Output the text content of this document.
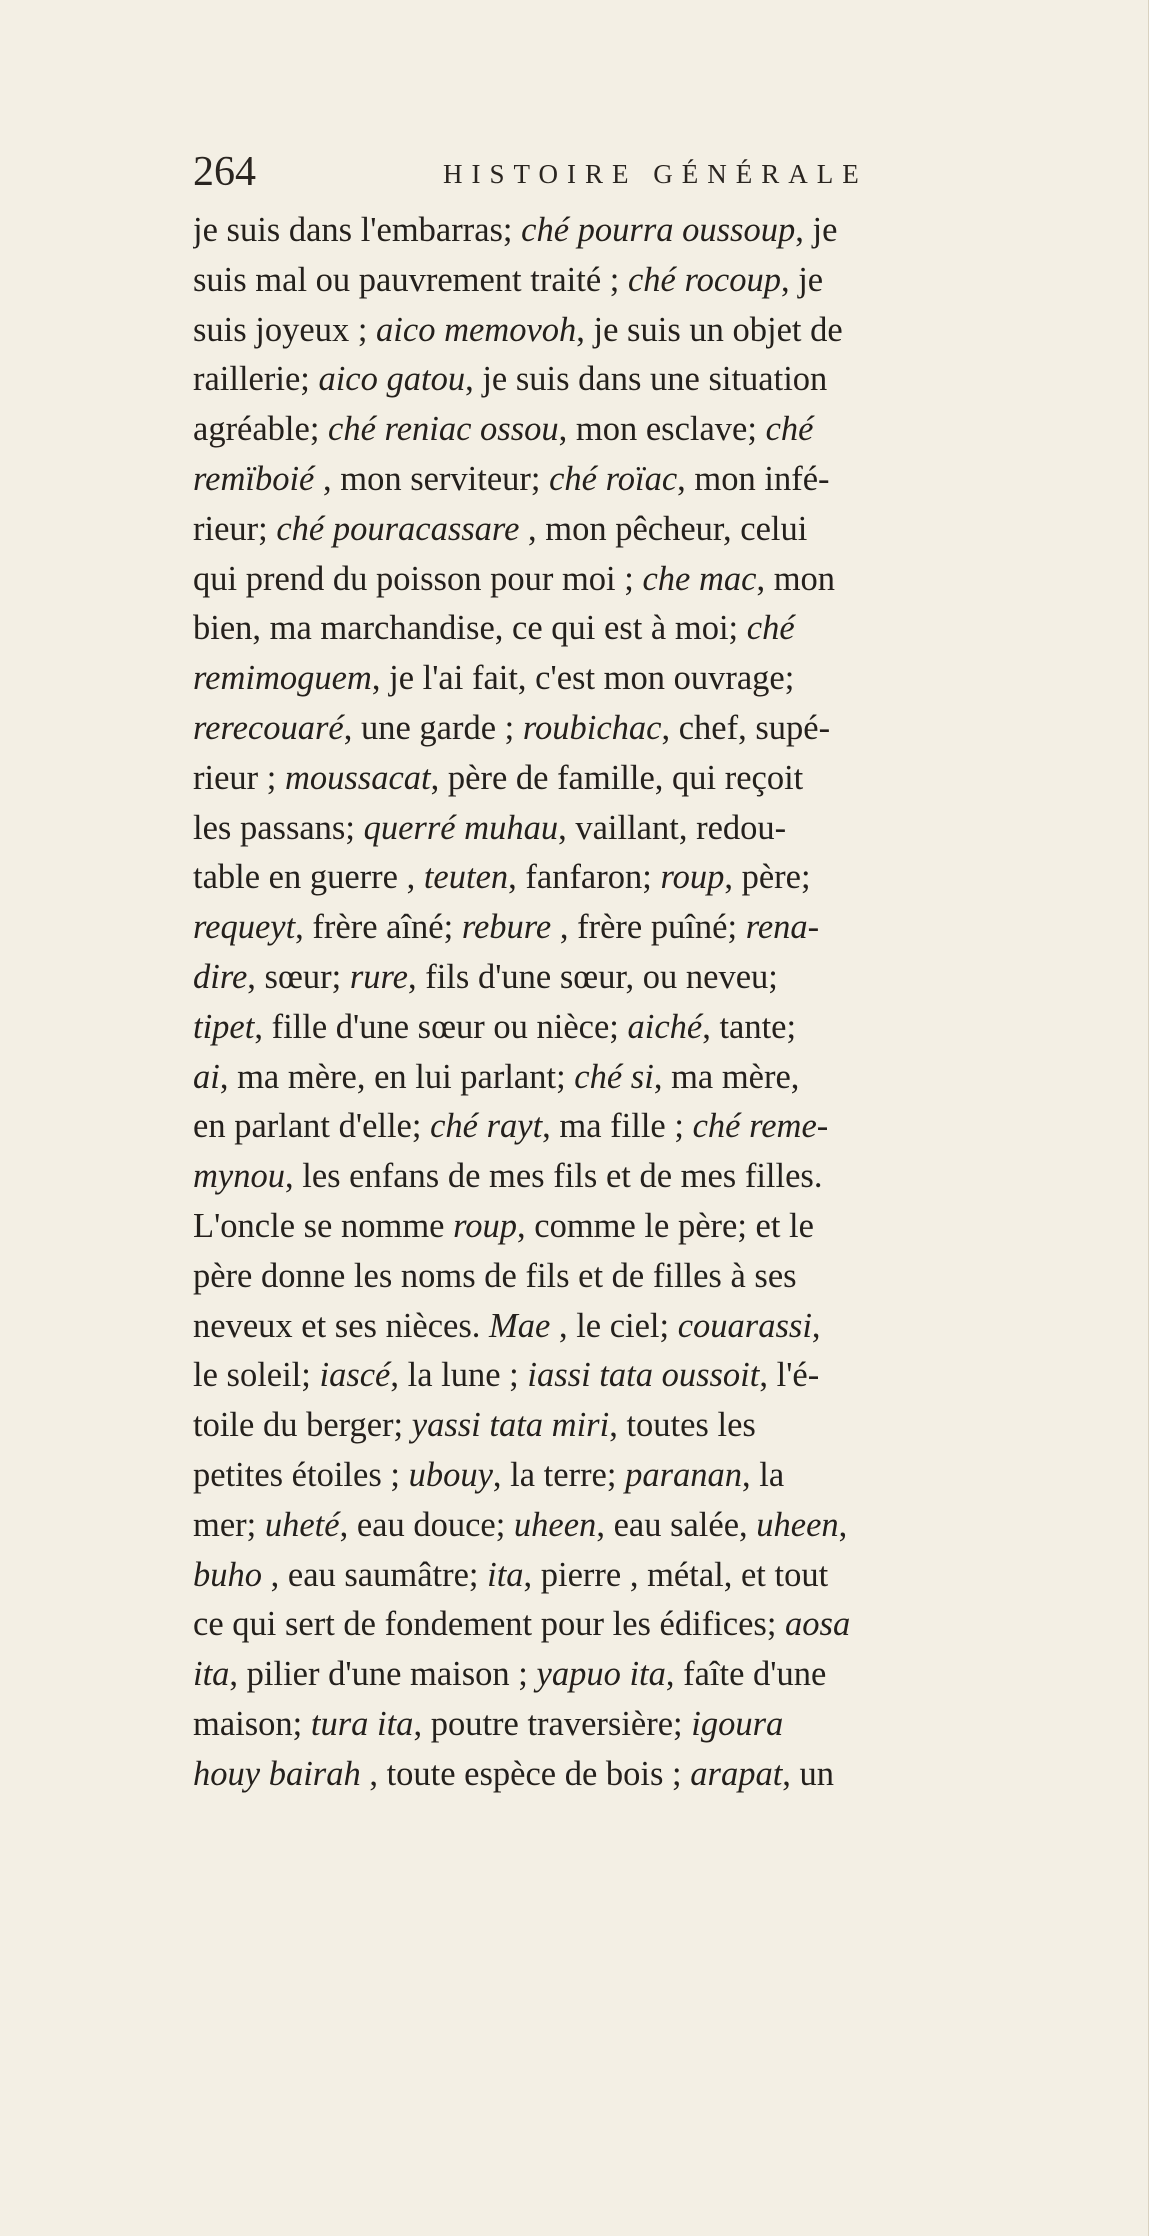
264	HISTOIRE GÉNÉRALE
je suis dans l'embarras; ché pourra oussoup, je
suis mal ou pauvrement traité ; ché rocoup, je
suis joyeux ; aico memovoh, je suis un objet de
raillerie; aico gatou, je suis dans une situation
agréable; ché reniac ossou, mon esclave; ché
remïboié , mon serviteur; ché roïac, mon infé-
rieur; ché pouracassare , mon pêcheur, celui
qui prend du poisson pour moi ; che mac, mon
bien, ma marchandise, ce qui est à moi; ché
remimoguem, je l'ai fait, c'est mon ouvrage;
rerecouaré, une garde ; roubichac, chef, supé-
rieur ; moussacat, père de famille, qui reçoit
les passans; querré muhau, vaillant, redou-
table en guerre , teuten, fanfaron; roup, père;
requeyt, frère aîné; rebure , frère puîné; rena-
dire, sœur; rure, fils d'une sœur, ou neveu;
tipet, fille d'une sœur ou nièce; aiché, tante;
ai, ma mère, en lui parlant; ché si, ma mère,
en parlant d'elle; ché rayt, ma fille ; ché reme-
mynou, les enfans de mes fils et de mes filles.
L'oncle se nomme roup, comme le père; et le
père donne les noms de fils et de filles à ses
neveux et ses nièces. Mae , le ciel; couarassi,
le soleil; iascé, la lune ; iassi tata oussoit, l'é-
toile du berger; yassi tata miri, toutes les
petites étoiles ; ubouy, la terre; paranan, la
mer; uheté, eau douce; uheen, eau salée, uheen,
buho , eau saumâtre; ita, pierre , métal, et tout
ce qui sert de fondement pour les édifices; aosa
ita, pilier d'une maison ; yapuo ita, faîte d'une
maison; tura ita, poutre traversière; igoura
houy bairah , toute espèce de bois ; arapat, un
